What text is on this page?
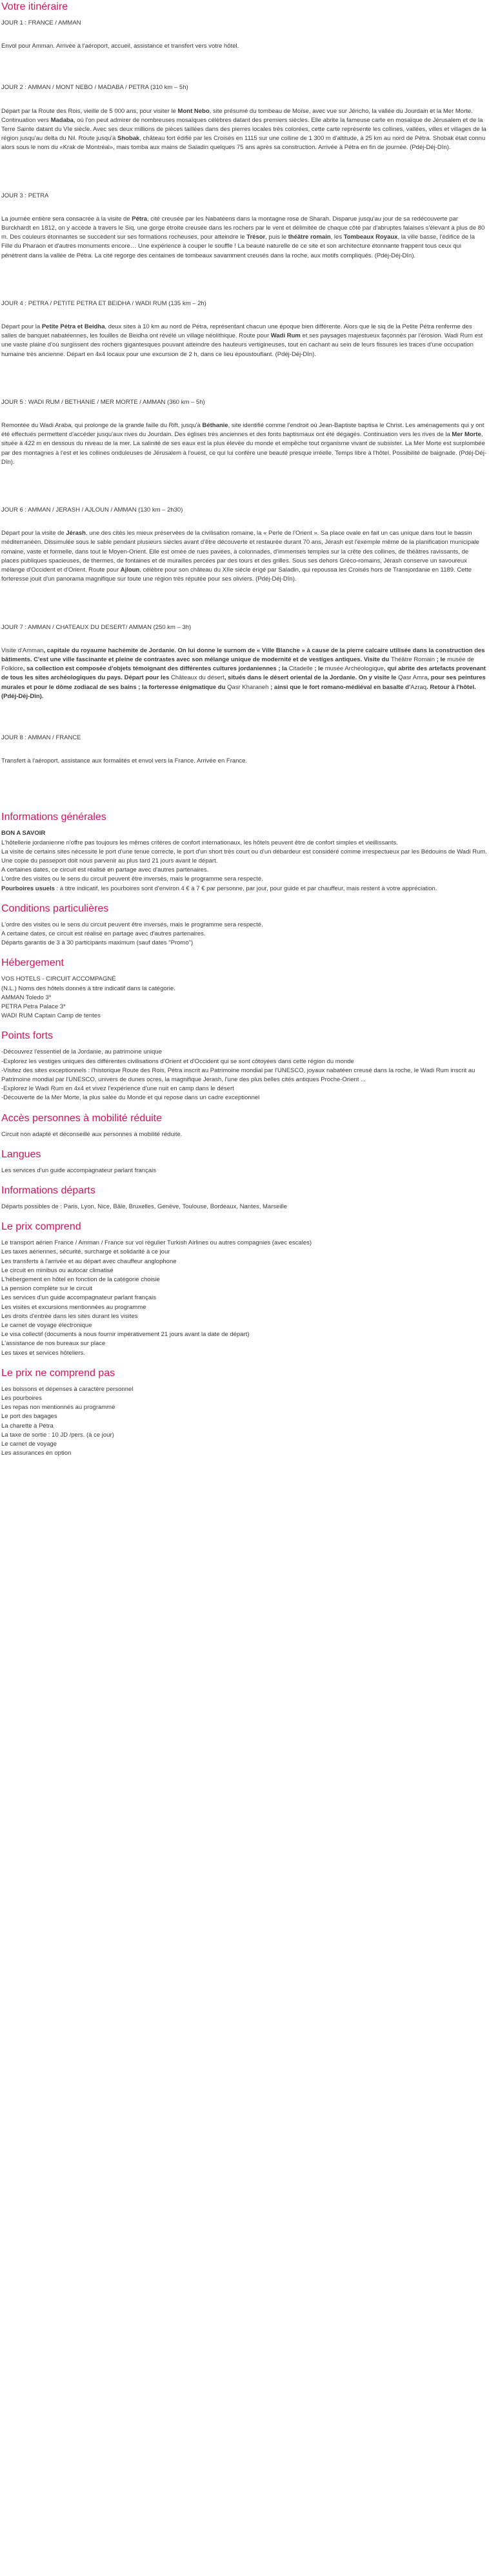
Votre itinéraire

JOUR 1 : FRANCE / AMMAN

Envol pour Amman. Arrivée à l'aéroport, accueil, assistance et transfert vers votre hôtel.

JOUR 2 : AMMAN / MONT NEBO / MADABA / PETRA (310 km – 5h)

Départ par la Route des Rois, vieille de 5 000 ans, pour visiter le Mont Nebo, site présumé du tombeau de Moïse, avec vue sur Jéricho, la vallée du Jourdain et la Mer Morte. Continuation vers Madaba, où l'on peut admirer de nombreuses mosaïques célèbres datant des premiers siècles. Elle abrite la fameuse carte en mosaïque de Jérusalem et de la Terre Sainte datant du VIe siècle. Avec ses deux millions de pièces taillées dans des pierres locales très colorées, cette carte représente les collines, vallées, villes et villages de la région jusqu'au delta du Nil. Route jusqu'à Shobak, château fort édifié par les Croisés en 1115 sur une colline de 1 300 m d'altitude, à 25 km au nord de Pétra. Shobak était connu alors sous le nom du «Krak de Montréal», mais tomba aux mains de Saladin quelques 75 ans après sa construction. Arrivée à Pétra en fin de journée. (Pdéj-Déj-Dîn).

JOUR 3 : PETRA

La journée entière sera consacrée à la visite de Pétra, cité creusée par les Nabatéens dans la montagne rose de Sharah. Disparue jusqu'au jour de sa redécouverte par Burckhardt en 1812, on y accède à travers le Siq, une gorge étroite creusée dans les rochers par le vent et délimitée de chaque côté par d'abruptes falaises s'élevant à plus de 80 m. Des couleurs étonnantes se succèdent sur ses formations rocheuses, pour atteindre le Trésor, puis le théâtre romain, les Tombeaux Royaux, la ville basse, l'édifice de la Fille du Pharaon et d'autres monuments encore… Une expérience à couper le souffle ! La beauté naturelle de ce site et son architecture étonnante frappent tous ceux qui pénètrent dans la vallée de Pétra. La cité regorge des centaines de tombeaux savamment creusés dans la roche, aux motifs compliqués. (Pdéj-Déj-Dîn).

JOUR 4 : PETRA / PETITE PETRA ET BEIDHA / WADI RUM (135 km – 2h)

Départ pour la Petite Pétra et Beidha, deux sites à 10 km au nord de Pétra, représentant chacun une époque bien différente. Alors que le siq de la Petite Pétra renferme des salles de banquet nabatéennes, les fouilles de Beidha ont révélé un village néolithique. Route pour Wadi Rum et ses paysages majestueux façonnés par l'érosion. Wadi Rum est une vaste plaine d'où surgissent des rochers gigantesques pouvant atteindre des hauteurs vertigineuses, tout en cachant au sein de leurs fissures les traces d'une occupation humaine très ancienne. Départ en 4x4 locaux pour une excursion de 2 h, dans ce lieu époustouflant. (Pdéj-Déj-Dîn).

JOUR 5 : WADI RUM / BETHANIE / MER MORTE / AMMAN (360 km – 5h)

Remontée du Wadi Araba, qui prolonge de la grande faille du Rift, jusqu'à Béthanie, site identifié comme l'endroit où Jean-Baptiste baptisa le Christ. Les aménagements qui y ont été effectués permettent d'accéder jusqu'aux rives du Jourdain. Des églises très anciennes et des fonts baptismaux ont été dégagés. Continuation vers les rives de la Mer Morte, située à 422 m en dessous du niveau de la mer. La salinité de ses eaux est la plus élevée du monde et empêche tout organisme vivant de subsister. La Mer Morte est surplombée par des montagnes à l'est et les collines onduleuses de Jérusalem à l'ouest, ce qui lui confère une beauté presque irréelle. Temps libre à l'hôtel. Possibilité de baignade. (Pdéj-Déj-Dîn).

JOUR 6 : AMMAN / JERASH / AJLOUN / AMMAN (130 km – 2h30)

Départ pour la visite de Jérash, une des cités les mieux préservées de la civilisation romaine, la « Perle de l'Orient ». Sa place ovale en fait un cas unique dans tout le bassin méditerranéen. Dissimulée sous le sable pendant plusieurs siècles avant d'être découverte et restaurée durant 70 ans, Jérash est l'exemple même de la planification municipale romaine, vaste et formelle, dans tout le Moyen-Orient. Elle est ornée de rues pavées, à colonnades, d'immenses temples sur la crête des collines, de théâtres ravissants, de places publiques spacieuses, de thermes, de fontaines et de murailles percées par des tours et des grilles. Sous ses dehors Gréco-romains, Jérash conserve un savoureux mélange d'Occident et d'Orient. Route pour Ajloun, célèbre pour son château du XIIe siècle érigé par Saladin, qui repoussa les Croisés hors de Transjordanie en 1189. Cette forteresse jouit d'un panorama magnifique sur toute une région très réputée pour ses oliviers. (Pdéj-Déj-Dîn).

JOUR 7 : AMMAN / CHATEAUX DU DESERT/ AMMAN (250 km – 3h)

Visite d'Amman, capitale du royaume hachémite de Jordanie. On lui donne le surnom de « Ville Blanche » à cause de la pierre calcaire utilisée dans la construction des bâtiments. C'est une ville fascinante et pleine de contrastes avec son mélange unique de modernité et de vestiges antiques. Visite du Théâtre Romain ; le musée de Folklore, sa collection est composée d'objets témoignant des différentes cultures jordaniennes ; la Citadelle ; le musée Archéologique, qui abrite des artefacts provenant de tous les sites archéologiques du pays. Départ pour les Châteaux du désert, situés dans le désert oriental de la Jordanie. On y visite le Qasr Amra, pour ses peintures murales et pour le dôme zodiacal de ses bains ; la forteresse énigmatique du Qasr Kharaneh ; ainsi que le fort romano-médiéval en basalte d'Azraq. Retour à l'hôtel. (Pdéj-Déj-Dîn).

JOUR 8 : AMMAN / FRANCE

Transfert à l'aéroport, assistance aux formalités et envol vers la France. Arrivée en France.

Informations générales
BON A SAVOIR
L'hôtellerie jordanienne n'offre pas toujours les mêmes critères de confort internationaux, les hôtels peuvent être de confort simples et vieillissants.
La visite de certains sites nécessite le port d'une tenue correcte, le port d'un short très court ou d'un débardeur est considéré comme irrespectueux par les Bédouins de Wadi Rum.
Une copie du passeport doit nous parvenir au plus tard 21 jours avant le départ.
A certaines dates, ce circuit est réalisé en partage avec d'autres partenaires.
L'ordre des visites ou le sens du circuit peuvent être inversés, mais le programme sera respecté.
Pourboires usuels : à titre indicatif, les pourboires sont d'environ 4 € à 7 € par personne, par jour, pour guide et par chauffeur, mais restent à votre appréciation.
Conditions particulières
L'ordre des visites ou le sens du circuit peuvent être inversés, mais le programme sera respecté.
A certaine dates, ce circuit est réalisé en partage avec d'autres partenaires.
Départs garantis de 3 à 30 participants maximum (sauf dates "Promo")
Hébergement
VOS HOTELS - CIRCUIT ACCOMPAGNÉ
(N.L.) Noms des hôtels donnés à titre indicatif dans la catégorie.
AMMAN Toledo 3*
PETRA Petra Palace 3*
WADI RUM Captain Camp de tentes
Points forts
-Découvrez l'essentiel de la Jordanie, au patrimoine unique
-Explorez les vestiges uniques des différentes civilisations d'Orient et d'Occident qui se sont côtoyées dans cette région du monde
-Visitez des sites exceptionnels : l'historique Route des Rois, Pétra inscrit au Patrimoine mondial par l'UNESCO, joyaux nabatéen creusé dans la roche, le Wadi Rum inscrit au Patrimoine mondial par l'UNESCO, univers de dunes ocres, la magnifique Jerash, l'une des plus belles cités antiques Proche-Orient ...
-Explorez le Wadi Rum en 4x4 et vivez l'expérience d'une nuit en camp dans le désert
-Découverte de la Mer Morte, la plus salée du Monde et qui repose dans un cadre exceptionnel
Accès personnes à mobilité réduite
Circuit non adapté et déconseillé aux personnes à mobilité réduite.
Langues
Les services d'un guide accompagnateur parlant français
Informations départs
Départs possibles de : Paris, Lyon, Nice, Bâle, Bruxelles, Genève, Toulouse, Bordeaux, Nantes, Marseille
Le prix comprend
Le transport aérien France / Amman / France sur vol régulier Turkish Airlines ou autres compagnies (avec escales)
Les taxes aériennes, sécurité, surcharge et solidarité à ce jour
Les transferts à l'arrivée et au départ avec chauffeur anglophone
Le circuit en minibus ou autocar climatisé
L'hébergement en hôtel en fonction de la catégorie choisie
La pension complète sur le circuit
Les services d'un guide accompagnateur parlant français
Les visites et excursions mentionnées au programme
Les droits d'entrée dans les sites durant les visites
Le carnet de voyage électronique
Le visa collectif (documents à nous fournir impérativement 21 jours avant la date de départ)
L'assistance de nos bureaux sur place
Les taxes et services hôteliers.
Le prix ne comprend pas
Les boissons et dépenses à caractère personnel
Les pourboires
Les repas non mentionnés au programme
Le port des bagages
La charette à Pétra
La taxe de sortie : 10 JD /pers. (à ce jour)
Le carnet de voyage
Les assurances en option
